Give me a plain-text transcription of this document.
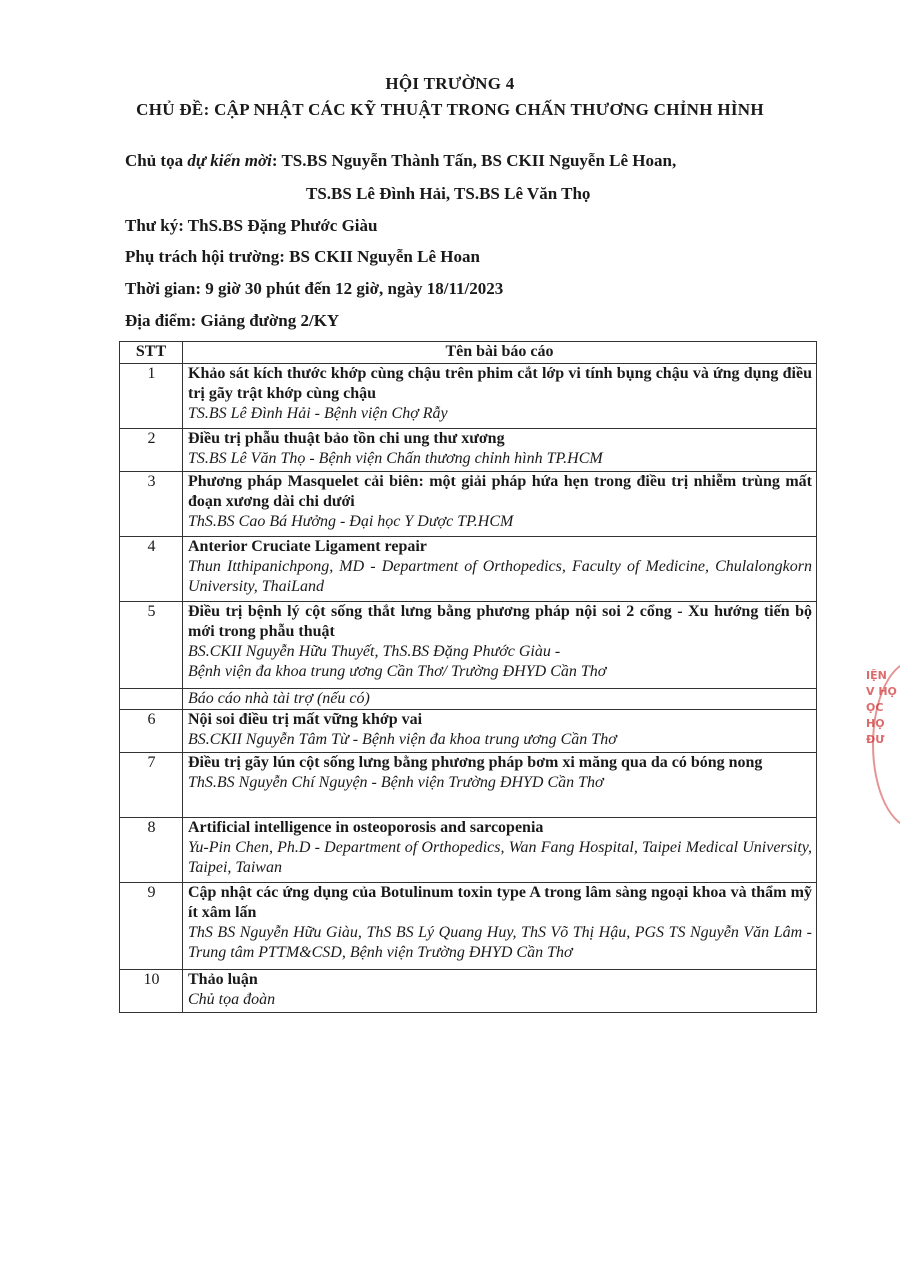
HỘI TRƯỜNG 4
CHỦ ĐỀ: CẬP NHẬT CÁC KỸ THUẬT TRONG CHẤN THƯƠNG CHỈNH HÌNH
Chủ tọa dự kiến mời: TS.BS Nguyễn Thành Tấn, BS CKII Nguyễn Lê Hoan,
TS.BS Lê Đình Hải, TS.BS Lê Văn Thọ
Thư ký: ThS.BS Đặng Phước Giàu
Phụ trách hội trường: BS CKII Nguyễn Lê Hoan
Thời gian: 9 giờ 30 phút đến 12 giờ, ngày 18/11/2023
Địa điểm: Giảng đường 2/KY
STT	Tên bài báo cáo
1	Khảo sát kích thước khớp cùng chậu trên phim cắt lớp vi tính bụng chậu và ứng dụng điều trị gãy trật khớp cùng chậu
TS.BS Lê Đình Hải - Bệnh viện Chợ Rẫy

2	Điều trị phẫu thuật bảo tồn chi ung thư xương
TS.BS Lê Văn Thọ - Bệnh viện Chấn thương chỉnh hình TP.HCM

3	Phương pháp Masquelet cải biên: một giải pháp hứa hẹn trong điều trị nhiễm trùng mất đoạn xương dài chi dưới
ThS.BS Cao Bá Hưởng - Đại học Y Dược TP.HCM

4	Anterior Cruciate Ligament repair
Thun Itthipanichpong, MD - Department of Orthopedics, Faculty of Medicine, Chulalongkorn University, ThaiLand

5	Điều trị bệnh lý cột sống thắt lưng bằng phương pháp nội soi 2 cổng - Xu hướng tiến bộ mới trong phẫu thuật
BS.CKII Nguyễn Hữu Thuyết, ThS.BS Đặng Phước Giàu -
Bệnh viện đa khoa trung ương Cần Thơ/ Trường ĐHYD Cần Thơ

	Báo cáo nhà tài trợ (nếu có)
6	Nội soi điều trị mất vững khớp vai
BS.CKII Nguyễn Tâm Từ - Bệnh viện đa khoa trung ương Cần Thơ

7	Điều trị gãy lún cột sống lưng bằng phương pháp bơm xi măng qua da có bóng nong
ThS.BS Nguyễn Chí Nguyện - Bệnh viện Trường ĐHYD Cần Thơ

8	Artificial intelligence in osteoporosis and sarcopenia
Yu-Pin Chen, Ph.D - Department of Orthopedics, Wan Fang Hospital, Taipei Medical University, Taipei, Taiwan

9	Cập nhật các ứng dụng của Botulinum toxin type A trong lâm sàng ngoại khoa và thẩm mỹ ít xâm lấn
ThS BS Nguyễn Hữu Giàu, ThS BS Lý Quang Huy, ThS Võ Thị Hậu, PGS TS Nguyễn Văn Lâm - Trung tâm PTTM&CSD, Bệnh viện Trường ĐHYD Cần Thơ

10	Thảo luận
Chủ tọa đoàn
IỆN
V HỌ
ỌC
HỌ
ĐƯ
